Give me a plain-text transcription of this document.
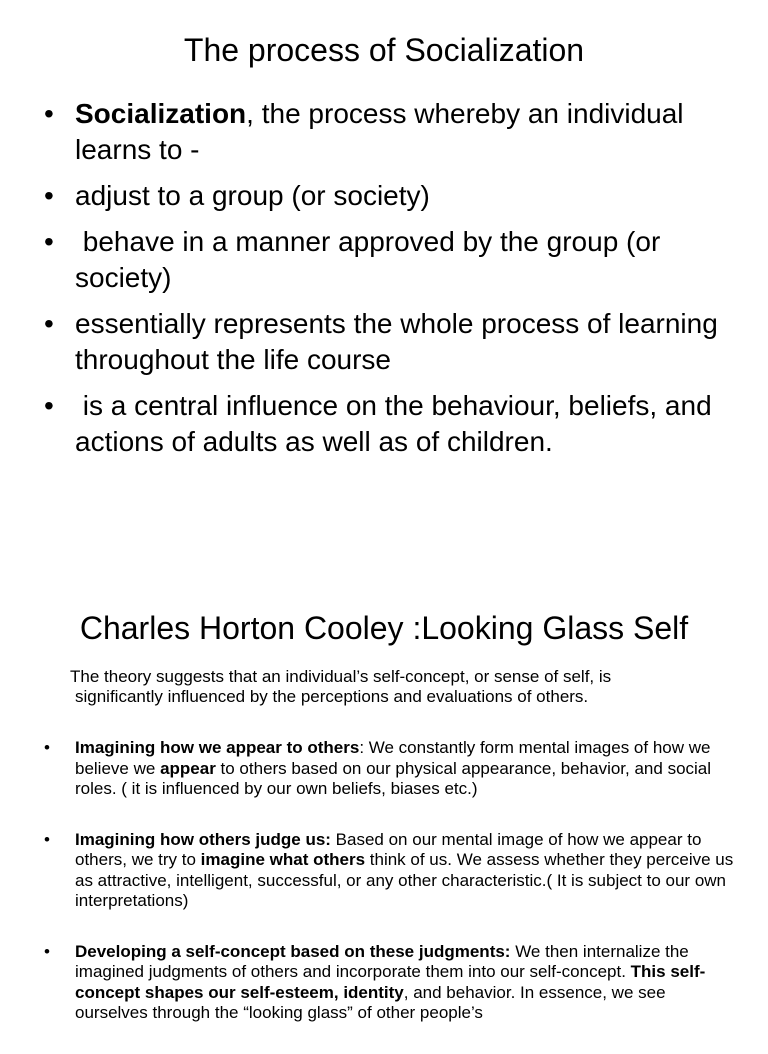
The process of Socialization
• Socialization, the process whereby an individual learns to -
• adjust to a group (or society)
• behave in a manner approved by the group (or society)
• essentially represents the whole process of learning throughout the life course
• is a central influence on the behaviour, beliefs, and actions of adults as well as of children.
Charles Horton Cooley :Looking Glass Self
The theory suggests that an individual’s self-concept, or sense of self, is
significantly influenced by the perceptions and evaluations of others.
• Imagining how we appear to others: We constantly form mental images of how we believe we appear to others based on our physical appearance, behavior, and social roles. ( it is influenced by our own beliefs, biases etc.)
• Imagining how others judge us: Based on our mental image of how we appear to others, we try to imagine what others think of us. We assess whether they perceive us as attractive, intelligent, successful, or any other characteristic.( It is subject to our own interpretations)
• Developing a self-concept based on these judgments: We then internalize the imagined judgments of others and incorporate them into our self-concept. This self-concept shapes our self-esteem, identity, and behavior. In essence, we see ourselves through the “looking glass” of other people’s
